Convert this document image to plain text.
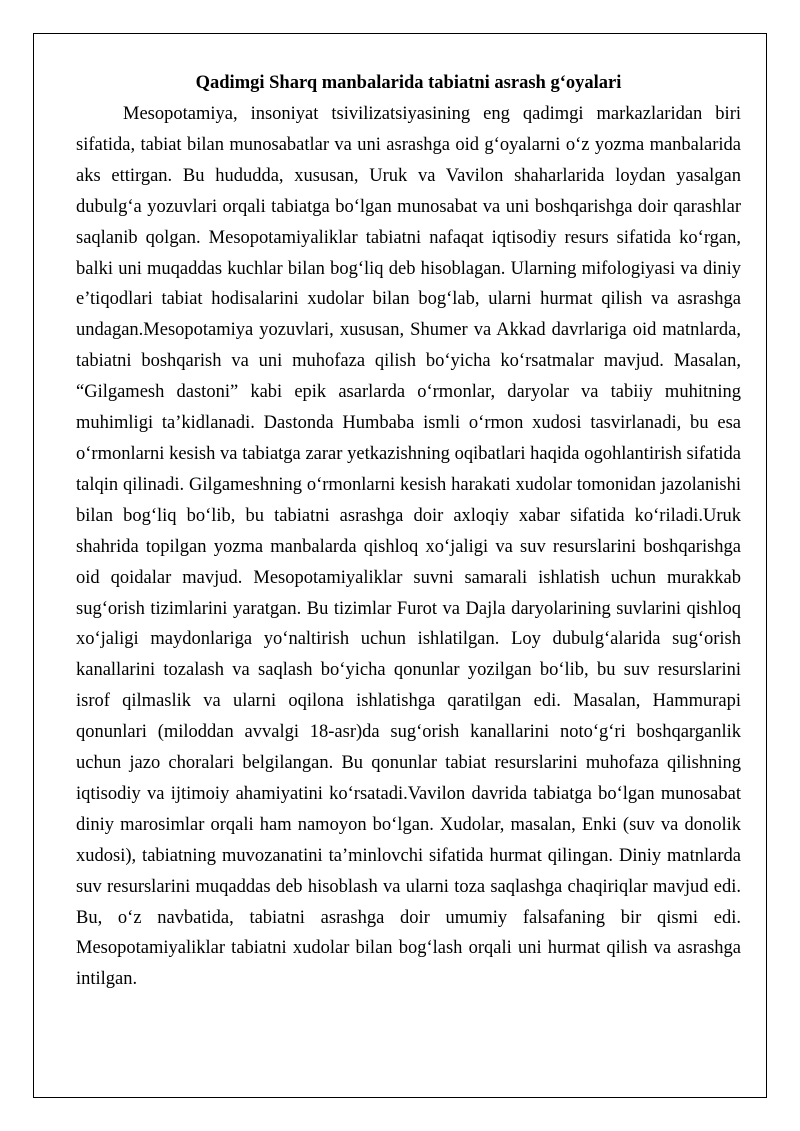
Qadimgi Sharq manbalarida tabiatni asrash g‘oyalari

Mesopotamiya, insoniyat tsivilizatsiyasining eng qadimgi markazlaridan biri sifatida, tabiat bilan munosabatlar va uni asrashga oid g‘oyalarni o‘z yozma manbalarida aks ettirgan. Bu hududda, xususan, Uruk va Vavilon shaharlarida loydan yasalgan dubulg‘a yozuvlari orqali tabiatga bo‘lgan munosabat va uni boshqarishga doir qarashlar saqlanib qolgan. Mesopotamiyaliklar tabiatni nafaqat iqtisodiy resurs sifatida ko‘rgan, balki uni muqaddas kuchlar bilan bog‘liq deb hisoblagan. Ularning mifologiyasi va diniy e’tiqodlari tabiat hodisalarini xudolar bilan bog‘lab, ularni hurmat qilish va asrashga undagan.Mesopotamiya yozuvlari, xususan, Shumer va Akkad davrlariga oid matnlarda, tabiatni boshqarish va uni muhofaza qilish bo‘yicha ko‘rsatmalar mavjud. Masalan, “Gilgamesh dastoni” kabi epik asarlarda o‘rmonlar, daryolar va tabiiy muhitning muhimligi ta’kidlanadi. Dastonda Humbaba ismli o‘rmon xudosi tasvirlanadi, bu esa o‘rmonlarni kesish va tabiatga zarar yetkazishning oqibatlari haqida ogohlantirish sifatida talqin qilinadi. Gilgameshning o‘rmonlarni kesish harakati xudolar tomonidan jazolanishi bilan bog‘liq bo‘lib, bu tabiatni asrashga doir axloqiy xabar sifatida ko‘riladi.Uruk shahrida topilgan yozma manbalarda qishloq xo‘jaligi va suv resurslarini boshqarishga oid qoidalar mavjud. Mesopotamiyaliklar suvni samarali ishlatish uchun murakkab sug‘orish tizimlarini yaratgan. Bu tizimlar Furot va Dajla daryolarining suvlarini qishloq xo‘jaligi maydonlariga yo‘naltirish uchun ishlatilgan. Loy dubulg‘alarida sug‘orish kanallarini tozalash va saqlash bo‘yicha qonunlar yozilgan bo‘lib, bu suv resurslarini isrof qilmaslik va ularni oqilona ishlatishga qaratilgan edi. Masalan, Hammurapi qonunlari (miloddan avvalgi 18-asr)da sug‘orish kanallarini noto‘g‘ri boshqarganlik uchun jazo choralari belgilangan. Bu qonunlar tabiat resurslarini muhofaza qilishning iqtisodiy va ijtimoiy ahamiyatini ko‘rsatadi.Vavilon davrida tabiatga bo‘lgan munosabat diniy marosimlar orqali ham namoyon bo‘lgan. Xudolar, masalan, Enki (suv va donolik xudosi), tabiatning muvozanatini ta’minlovchi sifatida hurmat qilingan. Diniy matnlarda suv resurslarini muqaddas deb hisoblash va ularni toza saqlashga chaqiriqlar mavjud edi. Bu, o‘z navbatida, tabiatni asrashga doir umumiy falsafaning bir qismi edi. Mesopotamiyaliklar tabiatni xudolar bilan bog‘lash orqali uni hurmat qilish va asrashga intilgan.
